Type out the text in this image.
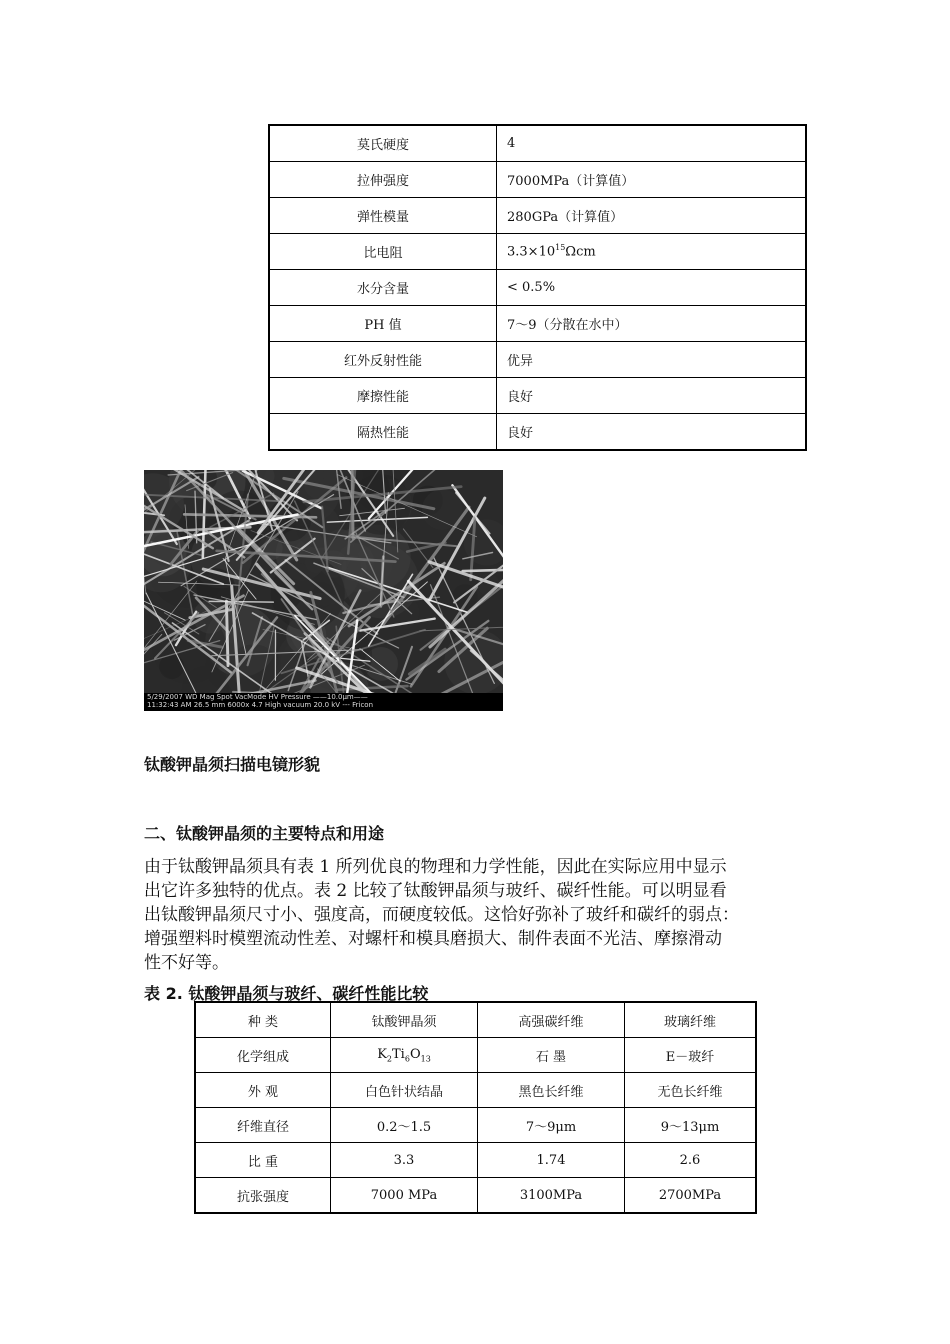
莫氏硬度	4
拉伸强度	7000MPa（计算值）
弹性模量	280GPa（计算值）
比电阻	$3.3\times 10^{15}\Omega cm$
水分含量	< 0.5%
PH 值	7～9（分散在水中）
红外反射性能	优异
摩擦性能	良好
隔热性能	良好
5/29/2007 WD Mag Spot VacMode HV Pressure ——10.0μm——
11:32:43 AM 26.5 mm 6000x 4.7 High vacuum 20.0 kV --- Fricon
钛酸钾晶须扫描电镜形貌
二、钛酸钾晶须的主要特点和用途
由于钛酸钾晶须具有表 1 所列优良的物理和力学性能，因此在实际应用中显示
出它许多独特的优点。表 2 比较了钛酸钾晶须与玻纤、碳纤性能。可以明显看
出钛酸钾晶须尺寸小、强度高，而硬度较低。这恰好弥补了玻纤和碳纤的弱点：
增强塑料时模塑流动性差、对螺杆和模具磨损大、制件表面不光洁、摩擦滑动
性不好等。
表 2. 钛酸钾晶须与玻纤、碳纤性能比较
种 类	钛酸钾晶须	高强碳纤维	玻璃纤维
化学组成	$K_2Ti_6O_{13}$	石 墨	E－玻纤
外 观	白色针状结晶	黑色长纤维	无色长纤维
纤维直径	0.2～1.5	7～9μm	9～13μm
比 重	3.3	1.74	2.6
抗张强度	7000 MPa	3100MPa	2700MPa
